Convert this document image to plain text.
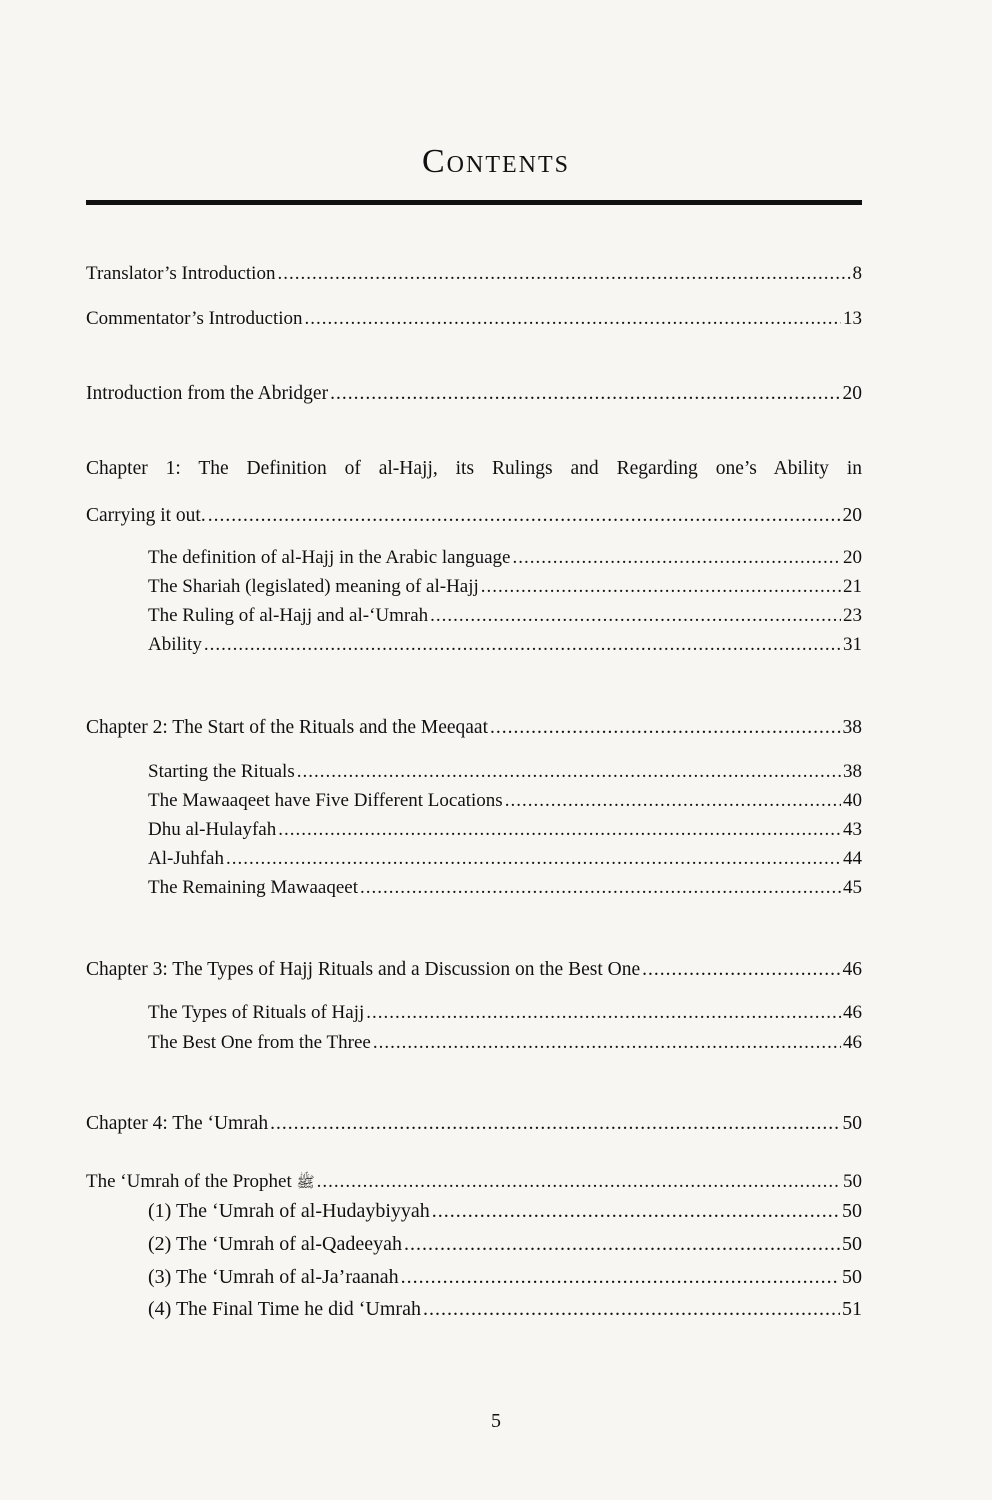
Contents
Translator’s Introduction .....	8
Commentator’s Introduction .....	13
Introduction from the Abridger .....	20
Chapter 1: The Definition of al-Hajj, its Rulings and Regarding one’s Ability in
Carrying it out. .....	20
The definition of al-Hajj in the Arabic language .....	20
The Shariah (legislated) meaning of al-Hajj .....	21
The Ruling of al-Hajj and al-‘Umrah .....	23
Ability .....	31
Chapter 2: The Start of the Rituals and the Meeqaat .....	38
Starting the Rituals .....	38
The Mawaaqeet have Five Different Locations .....	40
Dhu al-Hulayfah .....	43
Al-Juhfah .....	44
The Remaining Mawaaqeet .....	45
Chapter 3: The Types of Hajj Rituals and a Discussion on the Best One .....	46
The Types of Rituals of Hajj .....	46
The Best One from the Three .....	46
Chapter 4: The ‘Umrah .....	50
The ‘Umrah of the Prophet ﷺ .....	50
(1) The ‘Umrah of al-Hudaybiyyah .....	50
(2) The ‘Umrah of al-Qadeeyah .....	50
(3) The ‘Umrah of al-Ja’raanah .....	50
(4) The Final Time he did ‘Umrah .....	51
5
